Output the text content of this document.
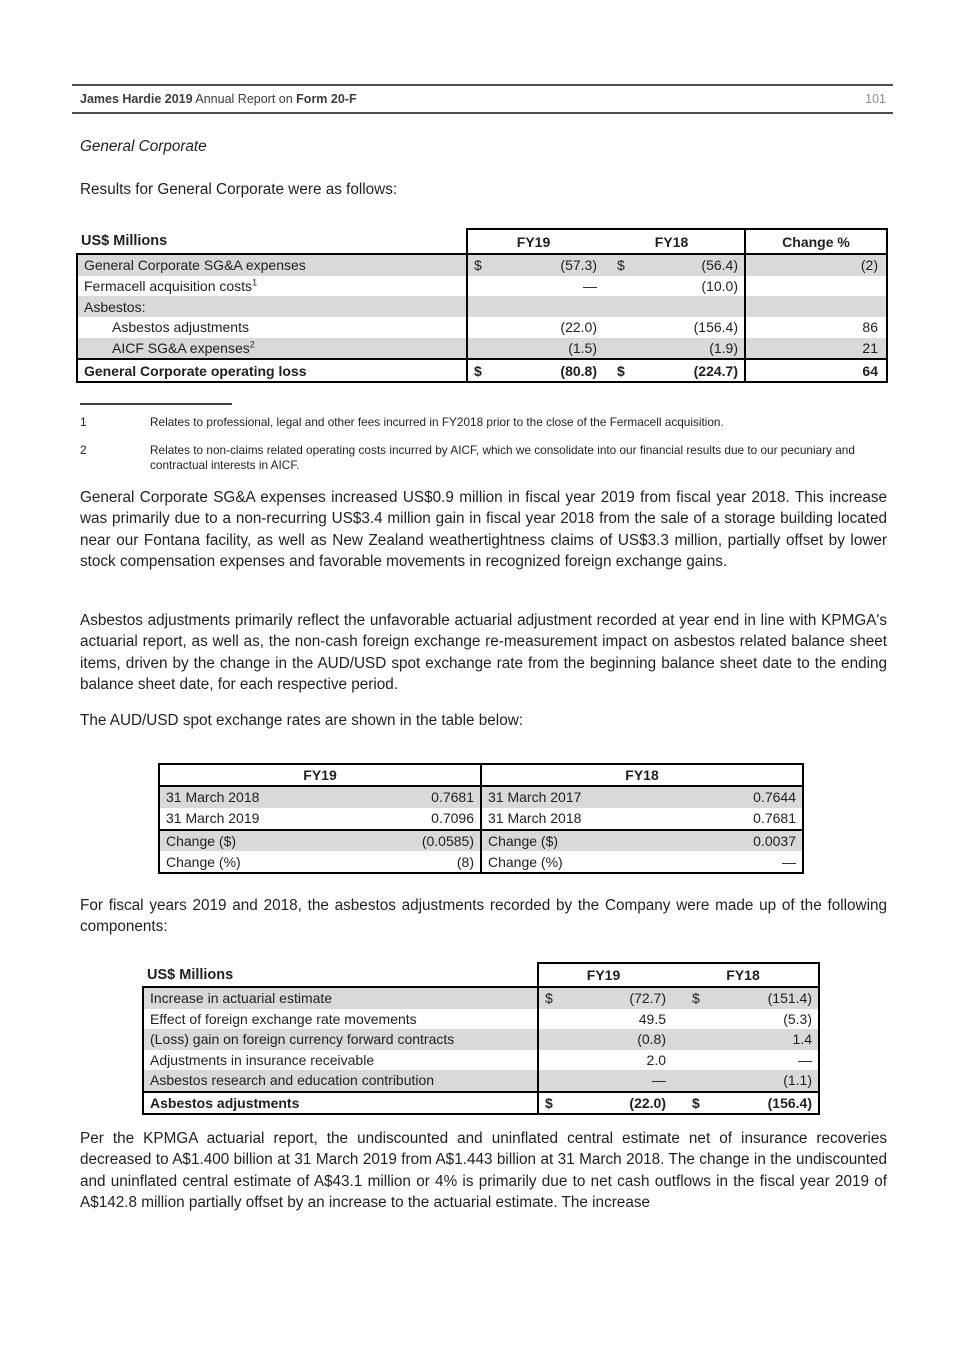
James Hardie 2019 Annual Report on Form 20-F	101
General Corporate
Results for General Corporate were as follows:
US$ Millions	FY19		FY18		Change %
General Corporate SG&A expenses	$	(57.3)	$	(56.4)	(2)
Fermacell acquisition costs$^1$		—		(10.0)	
Asbestos:					
Asbestos adjustments		(22.0)		(156.4)	86
AICF SG&A expenses$^2$		(1.5)		(1.9)	21
General Corporate operating loss	$	(80.8)	$	(224.7)	64
1	Relates to professional, legal and other fees incurred in FY2018 prior to the close of the Fermacell acquisition.
2	Relates to non-claims related operating costs incurred by AICF, which we consolidate into our financial results due to our pecuniary and contractual interests in AICF.
General Corporate SG&A expenses increased US$0.9 million in fiscal year 2019 from fiscal year 2018. This increase was primarily due to a non-recurring US$3.4 million gain in fiscal year 2018 from the sale of a storage building located near our Fontana facility, as well as New Zealand weathertightness claims of US$3.3 million, partially offset by lower stock compensation expenses and favorable movements in recognized foreign exchange gains.
Asbestos adjustments primarily reflect the unfavorable actuarial adjustment recorded at year end in line with KPMGA's actuarial report, as well as, the non-cash foreign exchange re-measurement impact on asbestos related balance sheet items, driven by the change in the AUD/USD spot exchange rate from the beginning balance sheet date to the ending balance sheet date, for each respective period.
The AUD/USD spot exchange rates are shown in the table below:
FY19		FY18	
31 March 2018	0.7681	31 March 2017	0.7644
31 March 2019	0.7096	31 March 2018	0.7681
Change ($)	(0.0585)	Change ($)	0.0037
Change (%)	(8)	Change (%)	—
For fiscal years 2019 and 2018, the asbestos adjustments recorded by the Company were made up of the following components:
US$ Millions	FY19		FY18	
Increase in actuarial estimate	$	(72.7)	$	(151.4)
Effect of foreign exchange rate movements		49.5		(5.3)
(Loss) gain on foreign currency forward contracts		(0.8)		1.4
Adjustments in insurance receivable		2.0		—
Asbestos research and education contribution		—		(1.1)
Asbestos adjustments	$	(22.0)	$	(156.4)
Per the KPMGA actuarial report, the undiscounted and uninflated central estimate net of insurance recoveries decreased to A$1.400 billion at 31 March 2019 from A$1.443 billion at 31 March 2018. The change in the undiscounted and uninflated central estimate of A$43.1 million or 4% is primarily due to net cash outflows in the fiscal year 2019 of A$142.8 million partially offset by an increase to the actuarial estimate. The increase
